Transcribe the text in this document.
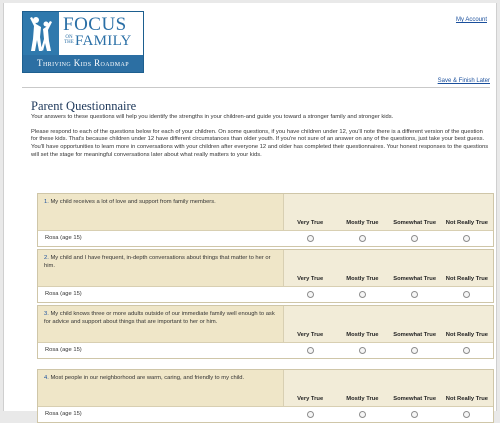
FOCUS
ON THE FAMILY
Thriving Kids Roadmap
My Account
Save & Finish Later
Parent Questionnaire

Your answers to these questions will help you identify the strengths in your children-and guide you toward a stronger family and stronger kids.

Please respond to each of the questions below for each of your children. On some questions, if you have children under 12, you'll note there is a different version of the question for these kids. That's because children under 12 have different circumstances than older youth. If you're not sure of an answer on any of the questions, just take your best guess. You'll have opportunities to learn more in conversations with your children after everyone 12 and older has completed their questionnaires. Your honest responses to the questions will set the stage for meaningful conversations later about what really matters to your kids.

1. My child receives a lot of love and support from family members.
Very True	Mostly True	Somewhat True	Not Really True
Rosa (age 15)
2. My child and I have frequent, in-depth conversations about things that matter to her or him.
Very True	Mostly True	Somewhat True	Not Really True
Rosa (age 15)
3. My child knows three or more adults outside of our immediate family well enough to ask for advice and support about things that are important to her or him.
Very True	Mostly True	Somewhat True	Not Really True
Rosa (age 15)
4. Most people in our neighborhood are warm, caring, and friendly to my child.
Very True	Mostly True	Somewhat True	Not Really True
Rosa (age 15)
